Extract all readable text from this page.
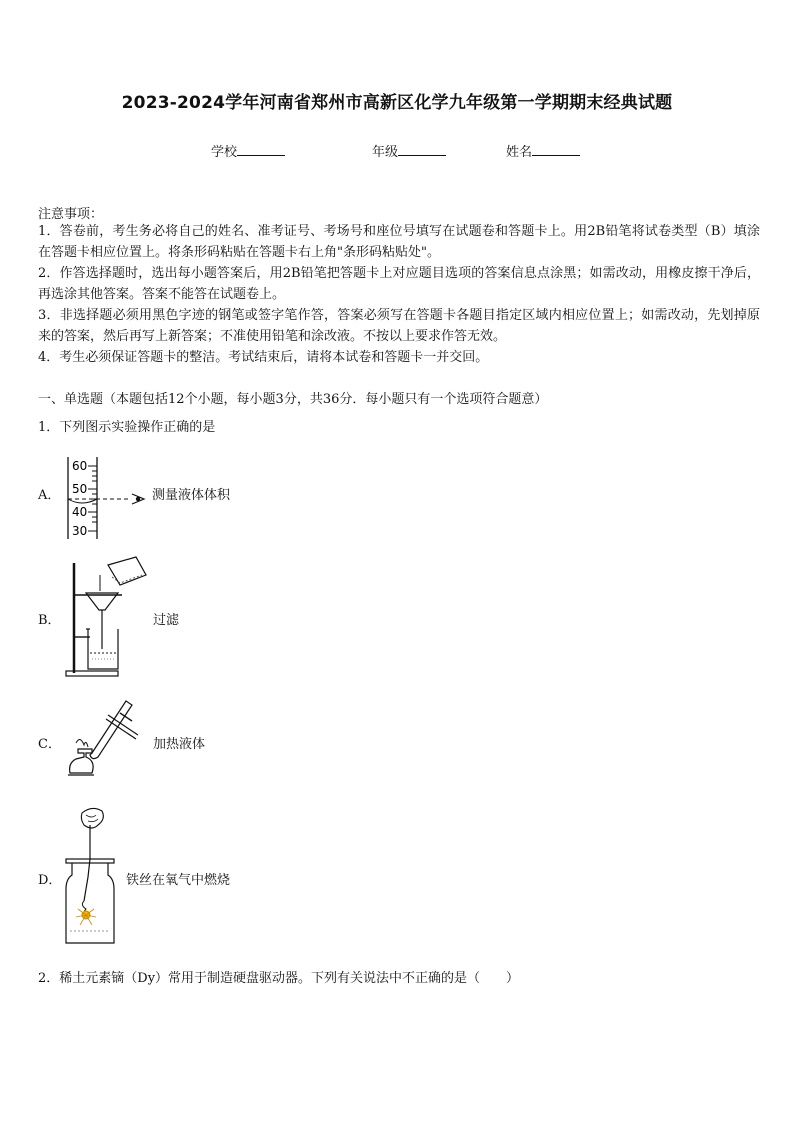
2023-2024学年河南省郑州市高新区化学九年级第一学期期末经典试题
学校	年级	姓名
注意事项：
1．答卷前，考生务必将自己的姓名、准考证号、考场号和座位号填写在试题卷和答题卡上。用2B铅笔将试卷类型（B）填涂在答题卡相应位置上。将条形码粘贴在答题卡右上角"条形码粘贴处"。
2．作答选择题时，选出每小题答案后，用2B铅笔把答题卡上对应题目选项的答案信息点涂黑；如需改动，用橡皮擦干净后，再选涂其他答案。答案不能答在试题卷上。
3．非选择题必须用黑色字迹的钢笔或签字笔作答，答案必须写在答题卡各题目指定区域内相应位置上；如需改动，先划掉原来的答案，然后再写上新答案；不准使用铅笔和涂改液。不按以上要求作答无效。
4．考生必须保证答题卡的整洁。考试结束后，请将本试卷和答题卡一并交回。
一、单选题（本题包括12个小题，每小题3分，共36分．每小题只有一个选项符合题意）
1．下列图示实验操作正确的是
A．
60
50
40
30
测量液体体积
B．	过滤
C．	加热液体
D．	铁丝在氧气中燃烧
2．稀土元素镝（Dy）常用于制造硬盘驱动器。下列有关说法中不正确的是（　　）
